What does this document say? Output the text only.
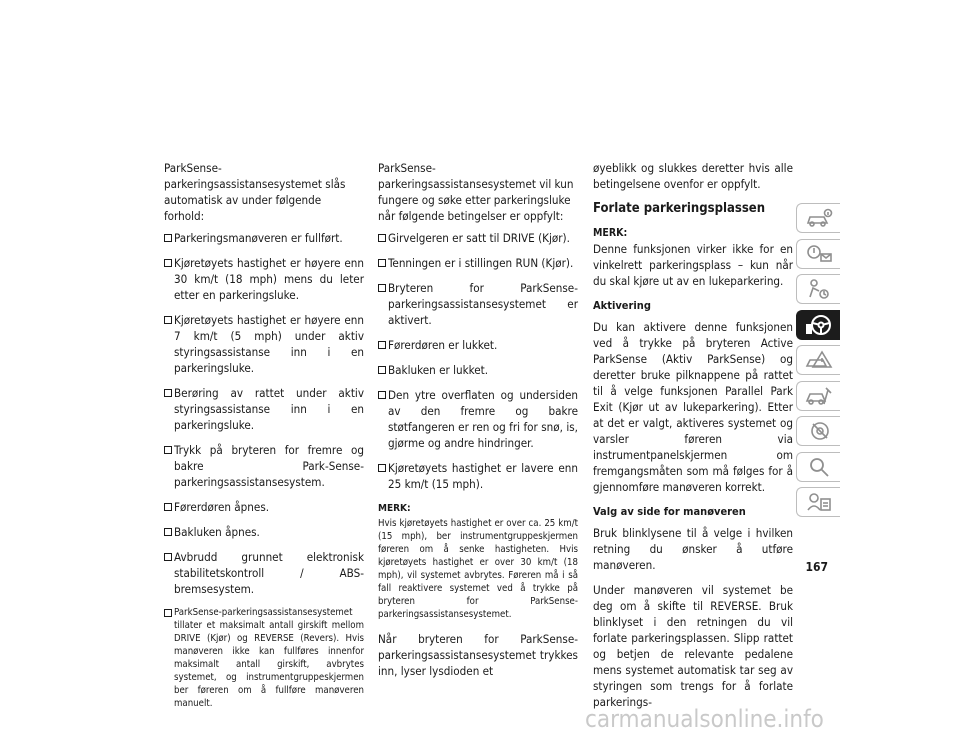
ParkSense-parkeringsassistansesystemet slås automatisk av under følgende forhold:

Parkeringsmanøveren er fullført.
Kjøretøyets hastighet er høyere enn 30 km/t (18 mph) mens du leter etter en parkeringsluke.
Kjøretøyets hastighet er høyere enn 7 km/t (5 mph) under aktiv styringsassistanse inn i en parkeringsluke.
Berøring av rattet under aktiv styringsassistanse inn i en parkeringsluke.
Trykk på bryteren for fremre og bakre Park-Sense-parkeringsassistansesystem.
Førerdøren åpnes.
Bakluken åpnes.
Avbrudd grunnet elektronisk stabilitetskontroll / ABS-bremsesystem.
ParkSense-parkeringsassistansesystemet tillater et maksimalt antall girskift mellom DRIVE (Kjør) og REVERSE (Revers). Hvis manøveren ikke kan fullføres innenfor maksimalt antall girskift, avbrytes systemet, og instrumentgruppeskjermen ber føreren om å fullføre manøveren manuelt.

ParkSense-parkeringsassistansesystemet vil kun fungere og søke etter parkeringsluke når følgende betingelser er oppfylt:

Girvelgeren er satt til DRIVE (Kjør).
Tenningen er i stillingen RUN (Kjør).
Bryteren for ParkSense-parkeringsassistansesystemet er aktivert.
Førerdøren er lukket.
Bakluken er lukket.
Den ytre overflaten og undersiden av den fremre og bakre støtfangeren er ren og fri for snø, is, gjørme og andre hindringer.
Kjøretøyets hastighet er lavere enn 25 km/t (15 mph).
MERK:

Hvis kjøretøyets hastighet er over ca. 25 km/t (15 mph), ber instrumentgruppeskjermen føreren om å senke hastigheten. Hvis kjøretøyets hastighet er over 30 km/t (18 mph), vil systemet avbrytes. Føreren må i så fall reaktivere systemet ved å trykke på bryteren for ParkSense-parkeringsassistansesystemet.

Når bryteren for ParkSense-parkeringsassistansesystemet trykkes inn, lyser lysdioden et

øyeblikk og slukkes deretter hvis alle betingelsene ovenfor er oppfylt.

Forlate parkeringsplassen
MERK:

Denne funksjonen virker ikke for en vinkelrett parkeringsplass – kun når du skal kjøre ut av en lukeparkering.

Aktivering

Du kan aktivere denne funksjonen ved å trykke på bryteren Active ParkSense (Aktiv ParkSense) og deretter bruke pilknappene på rattet til å velge funksjonen Parallel Park Exit (Kjør ut av lukeparkering). Etter at det er valgt, aktiveres systemet og varsler føreren via instrumentpanelskjermen om fremgangsmåten som må følges for å gjennomføre manøveren korrekt.

Valg av side for manøveren

Bruk blinklysene til å velge i hvilken retning du ønsker å utføre manøveren.

Under manøveren vil systemet be deg om å skifte til REVERSE. Bruk blinklyset i den retningen du vil forlate parkeringsplassen. Slipp rattet og betjen de relevante pedalene mens systemet automatisk tar seg av styringen som trengs for å forlate parkerings-

167
carmanualsonline.info
